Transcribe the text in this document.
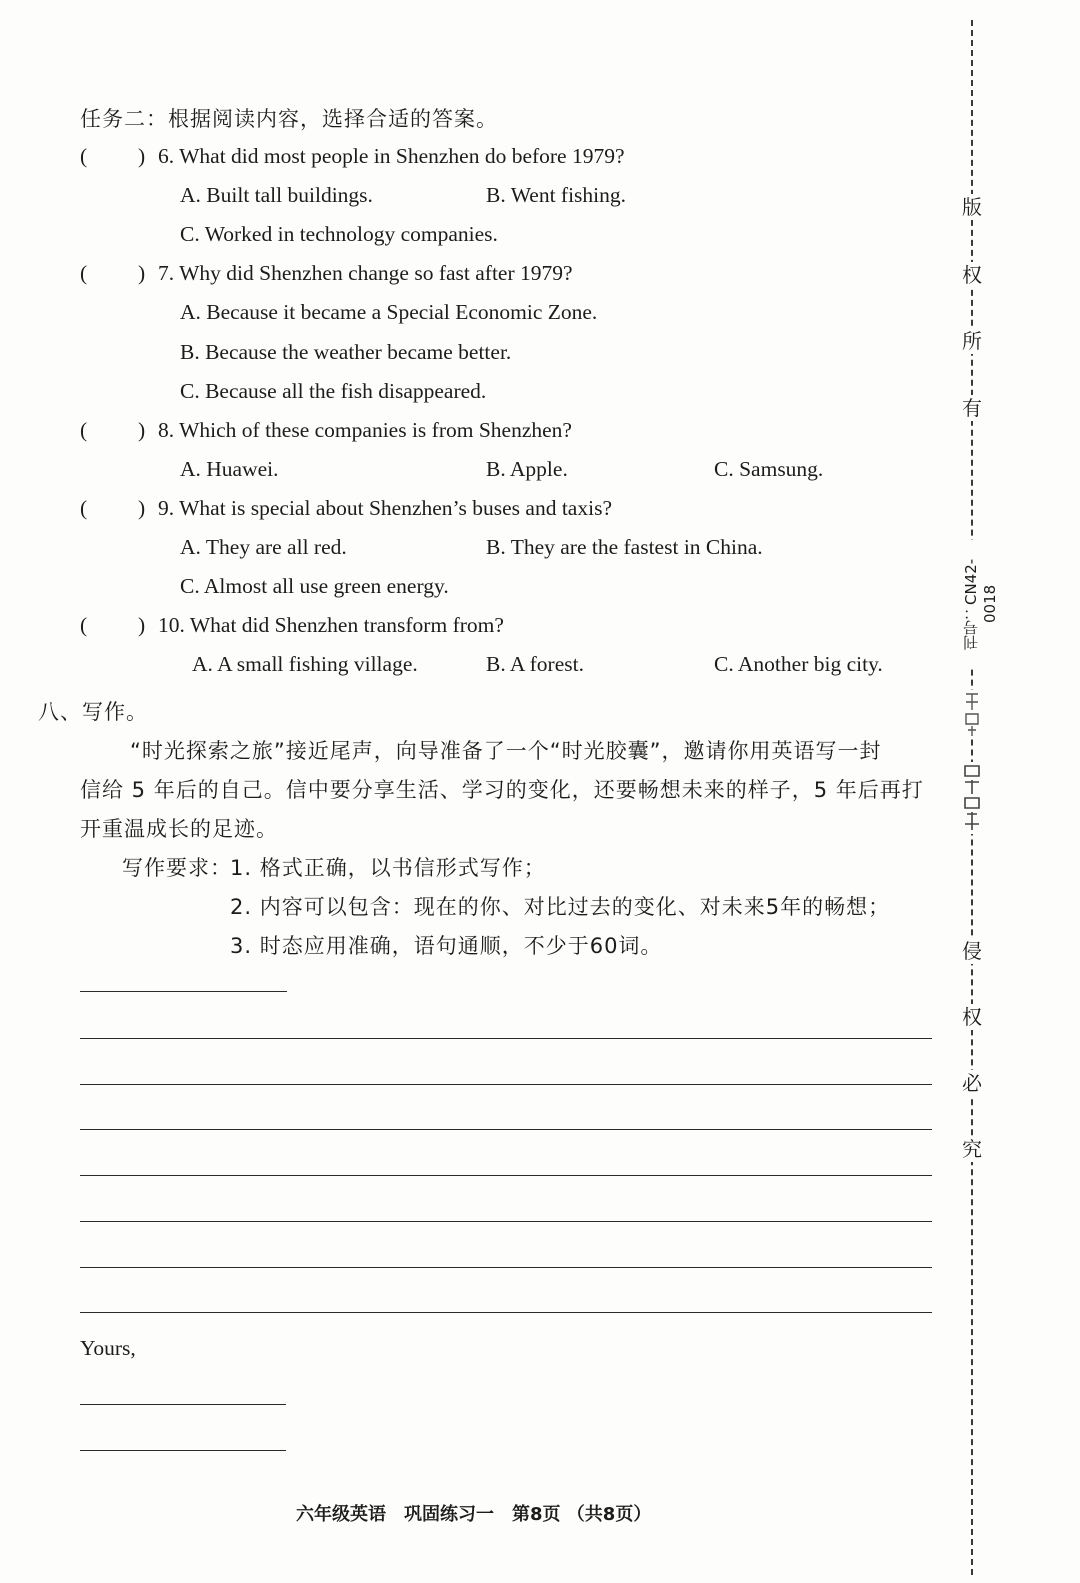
任务二：根据阅读内容，选择合适的答案。
( ) 6. What did most people in Shenzhen do before 1979?
A. Built tall buildings.	B. Went fishing.
C. Worked in technology companies.
( ) 7. Why did Shenzhen change so fast after 1979?
A. Because it became a Special Economic Zone.
B. Because the weather became better.
C. Because all the fish disappeared.
( ) 8. Which of these companies is from Shenzhen?
A. Huawei.	B. Apple.	C. Samsung.
( ) 9. What is special about Shenzhen’s buses and taxis?
A. They are all red.	B. They are the fastest in China.
C. Almost all use green energy.
( ) 10. What did Shenzhen transform from?
A. A small fishing village.	B. A forest.	C. Another big city.
八、写作。
“时光探索之旅”接近尾声，向导准备了一个“时光胶囊”，邀请你用英语写一封
信给 5 年后的自己。信中要分享生活、学习的变化，还要畅想未来的样子，5 年后再打
开重温成长的足迹。
写作要求：
1. 格式正确，以书信形式写作；
2. 内容可以包含：现在的你、对比过去的变化、对未来5年的畅想；
3. 时态应用准确，语句通顺，不少于60词。
Yours,
六年级英语　巩固练习一　第8页 （共8页）
版
权
所
有
刊号：CN42-0018
侵
权
必
究
